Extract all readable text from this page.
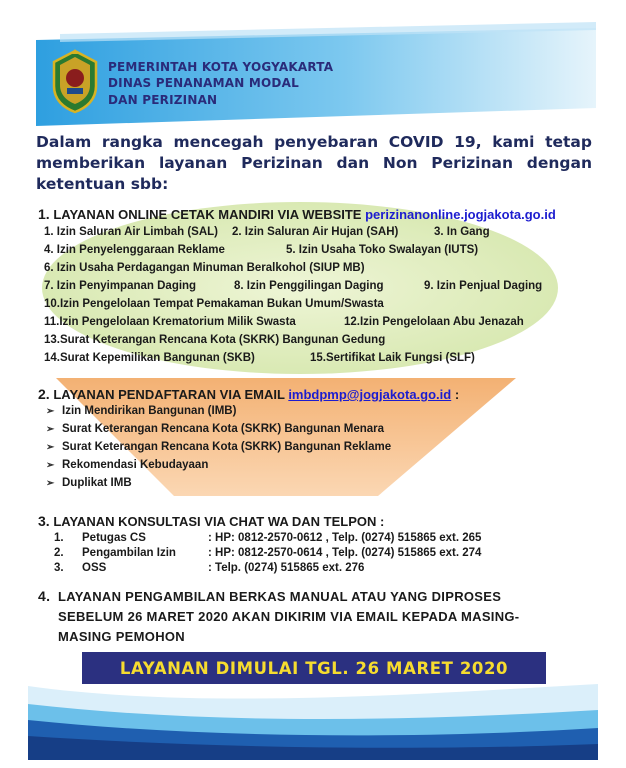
PEMERINTAH KOTA YOGYAKARTA
DINAS PENANAMAN MODAL
DAN PERIZINAN
Dalam rangka mencegah penyebaran COVID 19, kami tetap memberikan layanan Perizinan dan Non Perizinan dengan ketentuan sbb:
1. LAYANAN ONLINE CETAK MANDIRI VIA WEBSITE perizinanonline.jogjakota.go.id
1. Izin Saluran Air Limbah (SAL) 2. Izin Saluran Air Hujan (SAH)	3. In Gang
4. Izin Penyelenggaraan Reklame	5. Izin Usaha Toko Swalayan (IUTS)
6. Izin Usaha Perdagangan Minuman Beralkohol (SIUP MB)
7. Izin Penyimpanan Daging	8. Izin Penggilingan Daging	9. Izin Penjual Daging
10.Izin Pengelolaan Tempat Pemakaman Bukan Umum/Swasta
11.Izin Pengelolaan Krematorium Milik Swasta	12.Izin Pengelolaan Abu Jenazah
13.Surat Keterangan Rencana Kota (SKRK) Bangunan Gedung
14.Surat Kepemilikan Bangunan (SKB)	15.Sertifikat Laik Fungsi (SLF)
2. LAYANAN PENDAFTARAN VIA EMAIL imbdpmp@jogjakota.go.id :
➢ Izin Mendirikan Bangunan (IMB)
➢ Surat Keterangan Rencana Kota (SKRK) Bangunan Menara
➢ Surat Keterangan Rencana Kota (SKRK) Bangunan Reklame
➢ Rekomendasi Kebudayaan
➢ Duplikat IMB
3. LAYANAN KONSULTASI VIA CHAT WA DAN TELPON :
1. Petugas CS	: HP: 0812-2570-0612 , Telp. (0274) 515865 ext. 265
2. Pengambilan Izin	: HP: 0812-2570-0614 , Telp. (0274) 515865 ext. 274
3. OSS	: Telp. (0274) 515865 ext. 276
4. LAYANAN PENGAMBILAN BERKAS MANUAL ATAU YANG DIPROSES
SEBELUM 26 MARET 2020 AKAN DIKIRIM VIA EMAIL KEPADA MASING-
MASING PEMOHON
LAYANAN DIMULAI TGL. 26 MARET 2020
